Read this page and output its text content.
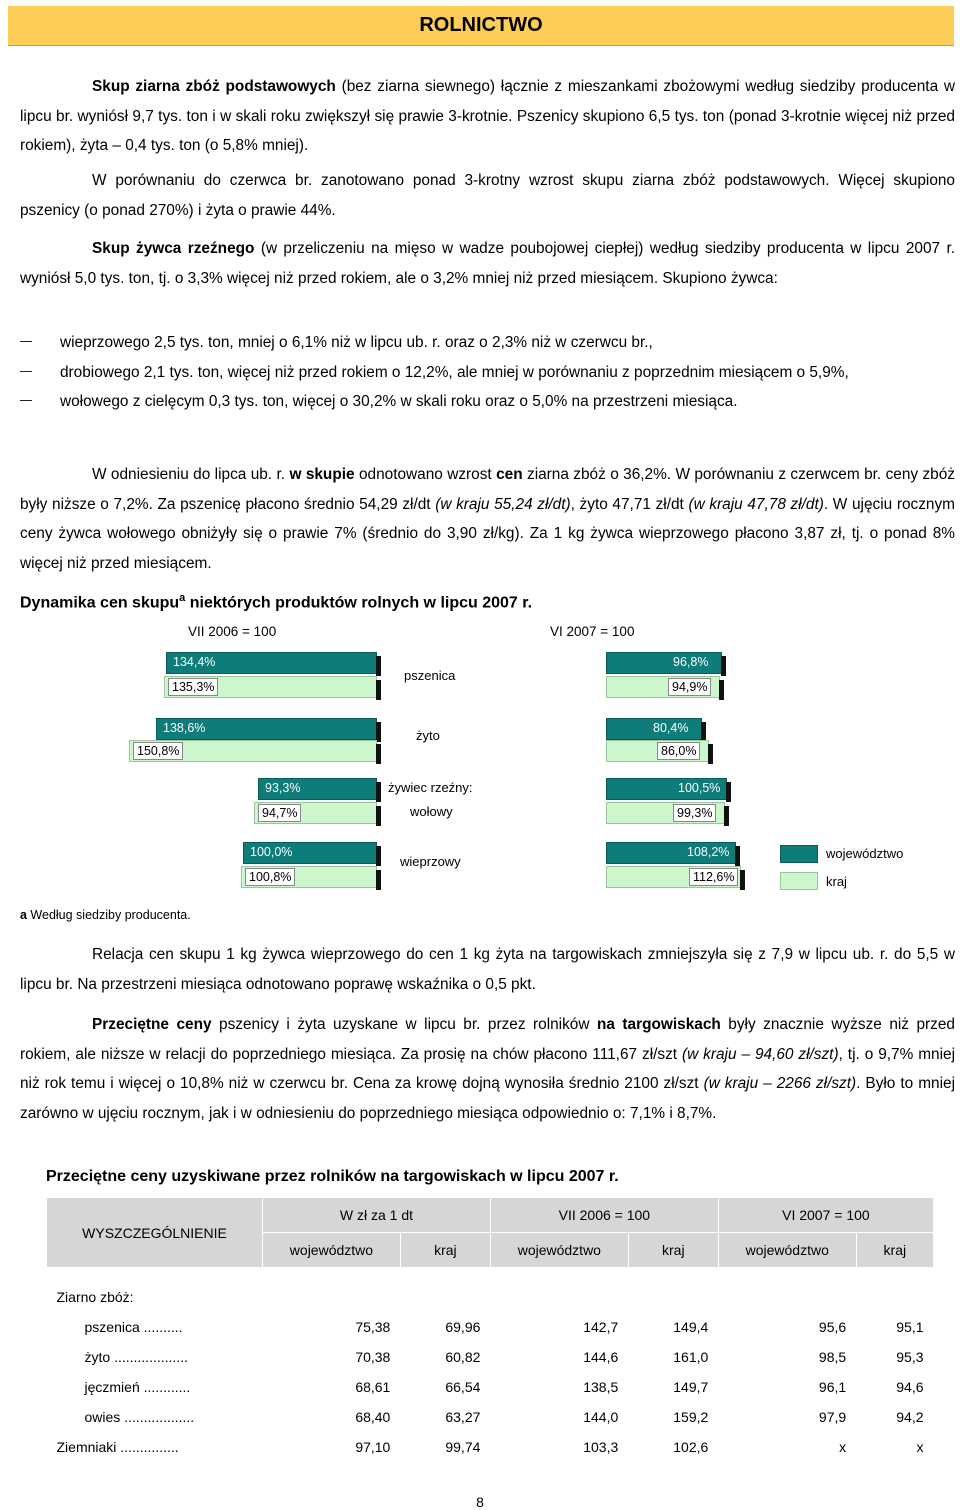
ROLNICTWO
Skup ziarna zbóż podstawowych (bez ziarna siewnego) łącznie z mieszankami zbożowymi według siedziby producenta w lipcu br. wyniósł 9,7 tys. ton i w skali roku zwiększył się prawie 3-krotnie. Pszenicy skupiono 6,5 tys. ton (ponad 3-krotnie więcej niż przed rokiem), żyta – 0,4 tys. ton (o 5,8% mniej).
W porównaniu do czerwca br. zanotowano ponad 3-krotny wzrost skupu ziarna zbóż podstawowych. Więcej skupiono pszenicy (o ponad 270%) i żyta o prawie 44%.
Skup żywca rzeźnego (w przeliczeniu na mięso w wadze poubojowej ciepłej) według siedziby producenta w lipcu 2007 r. wyniósł 5,0 tys. ton, tj. o 3,3% więcej niż przed rokiem, ale o 3,2% mniej niż przed miesiącem. Skupiono żywca:
wieprzowego 2,5 tys. ton, mniej o 6,1% niż w lipcu ub. r. oraz o 2,3% niż w czerwcu br.,
drobiowego 2,1 tys. ton, więcej niż przed rokiem o 12,2%, ale mniej w porównaniu z poprzednim miesiącem o 5,9%,
wołowego z cielęcym 0,3 tys. ton, więcej o 30,2% w skali roku oraz o 5,0% na przestrzeni miesiąca.
W odniesieniu do lipca ub. r. w skupie odnotowano wzrost cen ziarna zbóż o 36,2%. W porównaniu z czerwcem br. ceny zbóż były niższe o 7,2%. Za pszenicę płacono średnio 54,29 zł/dt (w kraju 55,24 zł/dt), żyto 47,71 zł/dt (w kraju 47,78 zł/dt). W ujęciu rocznym ceny żywca wołowego obniżyły się o prawie 7% (średnio do 3,90 zł/kg). Za 1 kg żywca wieprzowego płacono 3,87 zł, tj. o ponad 8% więcej niż przed miesiącem.
Dynamika cen skupu$^a$ niektórych produktów rolnych w lipcu 2007 r.
VII 2006 = 100	VI 2007 = 100
pszenica
żyto
żywiec rzeźny:
wołowy
wieprzowy
134,4%
135,3%
96,8%
94,9%
138,6%
150,8%
80,4%
86,0%
93,3%
94,7%
100,5%
99,3%
100,0%
100,8%
108,2%
112,6%
województwo
kraj
a Według siedziby producenta.
Relacja cen skupu 1 kg żywca wieprzowego do cen 1 kg żyta na targowiskach zmniejszyła się z 7,9 w lipcu ub. r. do 5,5 w lipcu br. Na przestrzeni miesiąca odnotowano poprawę wskaźnika o 0,5 pkt.
Przeciętne ceny pszenicy i żyta uzyskane w lipcu br. przez rolników na targowiskach były znacznie wyższe niż przed rokiem, ale niższe w relacji do poprzedniego miesiąca. Za prosię na chów płacono 111,67 zł/szt (w kraju – 94,60 zł/szt), tj. o 9,7% mniej niż rok temu i więcej o 10,8% niż w czerwcu br. Cena za krowę dojną wynosiła średnio 2100 zł/szt (w kraju – 2266 zł/szt). Było to mniej zarówno w ujęciu rocznym, jak i w odniesieniu do poprzedniego miesiąca odpowiednio o: 7,1% i 8,7%.
Przeciętne ceny uzyskiwane przez rolników na targowiskach w lipcu 2007 r.
WYSZCZEGÓLNIENIE	W zł za 1 dt		VII 2006 = 100		VI 2007 = 100	
	województwo	kraj	województwo	kraj	województwo	kraj

Ziarno zbóż:						
pszenica ..........	75,38	69,96	142,7	149,4	95,6	95,1
żyto ...................	70,38	60,82	144,6	161,0	98,5	95,3
jęczmień ............	68,61	66,54	138,5	149,7	96,1	94,6
owies ..................	68,40	63,27	144,0	159,2	97,9	94,2
Ziemniaki ...............	97,10	99,74	103,3	102,6	x	x
8
